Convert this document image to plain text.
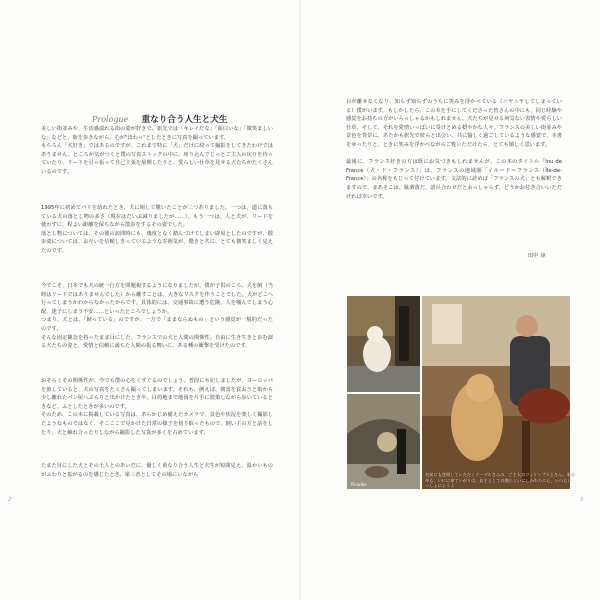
Prologue 重なり合う人生と犬生

美しい街並みや、生活感溢れる街の姿が好きで、旅先では「キレイだな」「面白いな」「微笑ましいな」などと、街を歩きながら、心が"ほわっ"としたときに写真を撮っています。

もちろん「犬好き」ではあるのですが、これまで特に「犬」だけに絞って撮影をしてきたわけではありません。ところが気がつくと僕の写真ストックの中に、座り込んでじっとご主人の戻りを待っていたり、リードを引っ張って自己主張を展開したりと、愛らしい仕草を見せる犬たちがたくさんいるのです。

1995年に初めてパリを訪れたとき、犬に関して驚いたことが二つありました。一つは、道に落ちている犬の落とし物の多さ（現在はだいぶ減りましたが……）。もう一つは、人と犬が、リードを使わずに、程よい距離を保ちながら散歩をするその姿でした。

落とし物については、その後の訪問時にも、幾度となく踏んづけてしまい辟易としたのですが、散歩姿については、お互いを信頼しきっているような雰囲気が、驚きと共に、とても微笑ましく見えたのです。

今でこそ、日本でも犬の統一行方を問題視するようになりましたが、僕が子供のころ、犬を飼（当時はリードではありませんでした）から離すことは、大きなリスクを伴うことでした。犬がどこへ行ってしまうかわからなかったからです。具体的には、交通事故に遭う危険、人を噛んでしまう心配、迷子にしまう不安……といったところでしょうか。

つまり、犬とは、「飼っている」のですが、一方で「ままならぬもの」という感覚が一般的だったのです。

そんな固定観念を持ったまま目にした、フランスでの犬と人間の関係性。自由に生き生きと歩む凛る犬たちの姿と、愛情と信頼に満ちた人間の振る舞いに、ある種の衝撃を受けたのです。

おそらくその関係性が、今でも僕の心をくすぐるのでしょう。普段にも記しましたが、ヨーロッパを旅していると、犬の写真をたくさん撮ってしまいます。それも、例えば、朝食を買おうと街から少し離れたパン屋へぶらりと出かけたときや、目的地まで地図を片手に散策しながら歩いているときなど、ふとしたときが多いのです。

そのため、この本に掲載している写真は、あらかじめ備えたカメラで、景色や状況を楽しく撮影したようなものではなく、そこここで見かけた日常の様子を切り取ったもので、飼い主の方と話をしたり、犬と触れ合ったりしながら撮影した写真が多くを占めています。

たまた目にした犬とその土人とのあいだに、優しく重なり合う人生と犬生が短間見え、温かいものがふわりと拡がるのを感じたとき、第三者としてその場にいながら

目が離せなくなり、知らず知らずのうちに笑みを浮かべている（ニヤニヤしてしまっている）僕がいます。もしかしたら、この本を手にしてくださった皆さんの中にも、同じ経験や感覚をお持ちの方がいらっしゃるかもしれません。犬たちが見せる何気ない表情や愛らしい仕草。そして、それを愛情いっぱいに受けとめる穏やかな人々。フランスの美しい街並みや景色を背景に、あたかも旅先で彼らと出会い、共に愉しく過ごしているような感覚で、本書をゆったりと、ときに笑みを浮かべながらご覧いただけたら、とても嬉しく思います。

最後に、フランス好きの方は既にお気づきもしれませんが、この本のタイトル「Inu de France（犬・ド・フランス）」は、フランスの地域圏「イル＝ド＝フランス（Île-de-France）」の名称をもじって付けています。文法的に読めば「フランスの犬」とも解釈できますので、まあそこは、駄酒落だ、語呂合わせだとおっしゃらず、どうかお付き合いいただければ幸いです。

田中 淳
名前にも登場していただくクーデルさんの、ご主人のフィリップスとさん。家の中も、いにに来ていがりは、店主としての顔らしいにしかわりに心、いつもいっしょにようよ
Picardie
2	3
